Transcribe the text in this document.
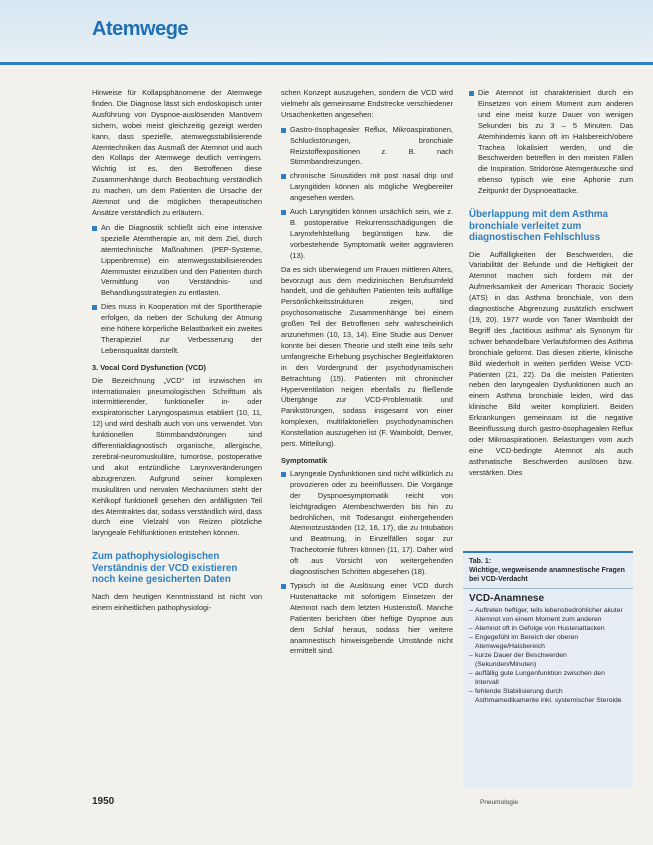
Atemwege

Hinweise für Kollapsphänomene der Atemwege finden. Die Diagnose lässt sich endoskopisch unter Ausführung von Dyspnoe-auslösenden Manövern sichern, wobei meist gleichzeitig gezeigt werden kann, dass spezielle, atemwegsstabilisierende Atemtechniken das Ausmaß der Atemnot und auch den Kollaps der Atemwege deutlich verringern. Wichtig ist es, den Betroffenen diese Zusammenhänge durch Beobachtung verständlich zu machen, um dem Patienten die Ursache der Atemnot und die möglichen therapeutischen Ansätze verständlich zu erläutern.

An die Diagnostik schließt sich eine intensive spezielle Atemtherapie an, mit dem Ziel, durch atemtechnische Maßnahmen (PEP-Systeme, Lippenbremse) ein atemwegsstabilisierendes Atemmuster einzuüben und den Patienten durch Vermittlung von Verständnis- und Behandlungsstrategien zu entlasten.
Dies muss in Kooperation mit der Sporttherapie erfolgen, da neben der Schulung der Atmung eine höhere körperliche Belastbarkeit ein zweites Therapieziel zur Verbesserung der Lebensqualität darstellt.
3. Vocal Cord Dysfunction (VCD)

Die Bezeichnung „VCD“ ist inzwischen im internationalen pneumologischen Schrifttum als intermittierender, funktioneller in- oder exspiratorischer Laryngospasmus etabliert (10, 11, 12) und wird deshalb auch von uns verwendet. Von funktionellen Stimmbandstörungen sind differentialdiagnostisch organische, allergische, zerebral-neuromuskuläre, tumoröse, postoperative und akut entzündliche Larynxveränderungen abzugrenzen. Aufgrund seiner komplexen muskulären und nervalen Mechanismen steht der Kehlkopf funktionell gesehen den anfälligsten Teil des Atemtraktes dar, sodass verständlich wird, dass durch eine Vielzahl von Reizen plötzliche laryngeale Fehlfunktionen entstehen können.

Zum pathophysiologischen Verständnis der VCD existieren noch keine gesicherten Daten

Nach dem heutigen Kenntnisstand ist nicht von einem einheitlichen pathophysiologi-

schen Konzept auszugehen, sondern die VCD wird vielmehr als gemeinsame Endstrecke verschiedener Ursachenketten angesehen:

Gastro-ösophagealer Reflux, Mikroaspirationen, Schluckstörungen, bronchiale Reizstoffexpositionen z. B. nach Stimmbandreizungen.
chronische Sinusitiden mit post nasal drip und Laryngitiden können als mögliche Wegbereiter angesehen werden.
Auch Laryngitiden können ursächlich sein, wie z. B. postoperative Rekurrensschädigungen die Larynxfehlstellung begünstigen bzw. die vorbestehende Symptomatik weiter aggravieren (13).

Da es sich überwiegend um Frauen mittleren Alters, bevorzugt aus dem medizinischen Berufsumfeld handelt, und die gehäuften Patienten teils auffällige Persönlichkeitsstrukturen zeigen, sind psychosomatische Zusammenhänge bei einem großen Teil der Betroffenen sehr wahrscheinlich anzunehmen (10, 13, 14). Eine Studie aus Denver konnte bei diesen Theorie und stellt eine teils sehr umfangreiche Erhebung psychischer Begleitfaktoren in den Vordergrund der psychodynamischen Betrachtung (15). Patienten mit chronischer Hyperventilation neigen ebenfalls zu fließende Übergänge zur VCD-Problematik und Panikstörungen, sodass insgesamt von einer komplexen, multifaktoriellen psychodynamischen Konstellation auszugehen ist (F. Wamboldt, Denver, pers. Mitteilung).

Symptomatik
Laryngeale Dysfunktionen sind nicht willkürlich zu provozieren oder zu beeinflussen. Die Vorgänge der Dyspnoesymptomatik reicht von leichtgradigen Atembeschwerden bis hin zu bedrohlichen, mit Todesangst einhergehenden Atemnotzuständen (12, 16, 17), die zu Intubation und Beatmung, in Einzelfällen sogar zur Tracheotomie führen können (11, 17). Daher wird oft aus Vorsicht von weitergehenden diagnostischen Schritten abgesehen (18).
Typisch ist die Auslösung einer VCD durch Hustenattacke mit sofortigem Einsetzen der Atemnot nach dem letzten Hustenstoß. Manche Patienten berichten über heftige Dyspnoe aus dem Schlaf heraus, sodass hier weitere anamnestisch hinweisgebende Umstände nicht ermittelt sind.
Die Atemnot ist charakterisiert durch ein Einsetzen von einem Moment zum anderen und eine meist kurze Dauer von wenigen Sekunden bis zu 3 – 5 Minuten. Das Atemhindernis kann oft im Halsbereich/obere Trachea lokalisiert werden, und die Beschwerden betreffen in den meisten Fällen die Inspiration. Stridoröse Atemgeräusche sind ebenso typisch wie eine Aphonie zum Zeitpunkt der Dyspnoeattacke.
Überlappung mit dem Asthma bronchiale verleitet zum diagnostischen Fehlschluss

Die Auffälligkeiten der Beschwerden, die Variabilität der Befunde und die Heftigkeit der Atemnot machen sich fordern mit der Aufmerksamkeit der American Thoracic Society (ATS) in das Asthma bronchiale, von dem diagnostische Abgrenzung zusätzlich erschwert (19, 20). 1977 wurde von Taner Wamboldt der Begriff des „factitious asthma“ als Synonym für schwer behandelbare Verlaufsformen des Asthma bronchiale geformt. Das diesen zitierte, klinische Bild wiederholt in weiten perfiden Weise VCD-Patienten (21, 22). Da die meisten Patienten neben den laryngealen Dysfunktionen auch an einem Asthma bronchiale leiden, wird das klinische Bild weiter kompliziert. Beiden Erkrankungen gemeinsam ist die negative Beeinflussung durch gastro-ösophagealen Reflux oder Mikroaspirationen. Belastungen vom auch eine VCD-bedingte Atemnot als auch asthmatische Beschwerden auslösen bzw. verstärken. Dies

Tab. 1:
Wichtige, wegweisende anamnestische Fragen bei VCD-Verdacht
VCD-Anamnese
– Auftreten heftiger, tells lebensbedrohlicher akuter Atemnot von einem Moment zum anderen
– Atemnot oft in Gefolge von Hustenattacken
– Engegefühl im Bereich der oberen Atemwege/Halsbereich
– kurze Dauer der Beschwerden (Sekunden/Minuten)
– auffällig gute Lungenfunktion zwischen den Intervall
– fehlende Stabilisierung durch Asthmamedikamente inkl. systemischer Steroide
1950	Pneumologie
